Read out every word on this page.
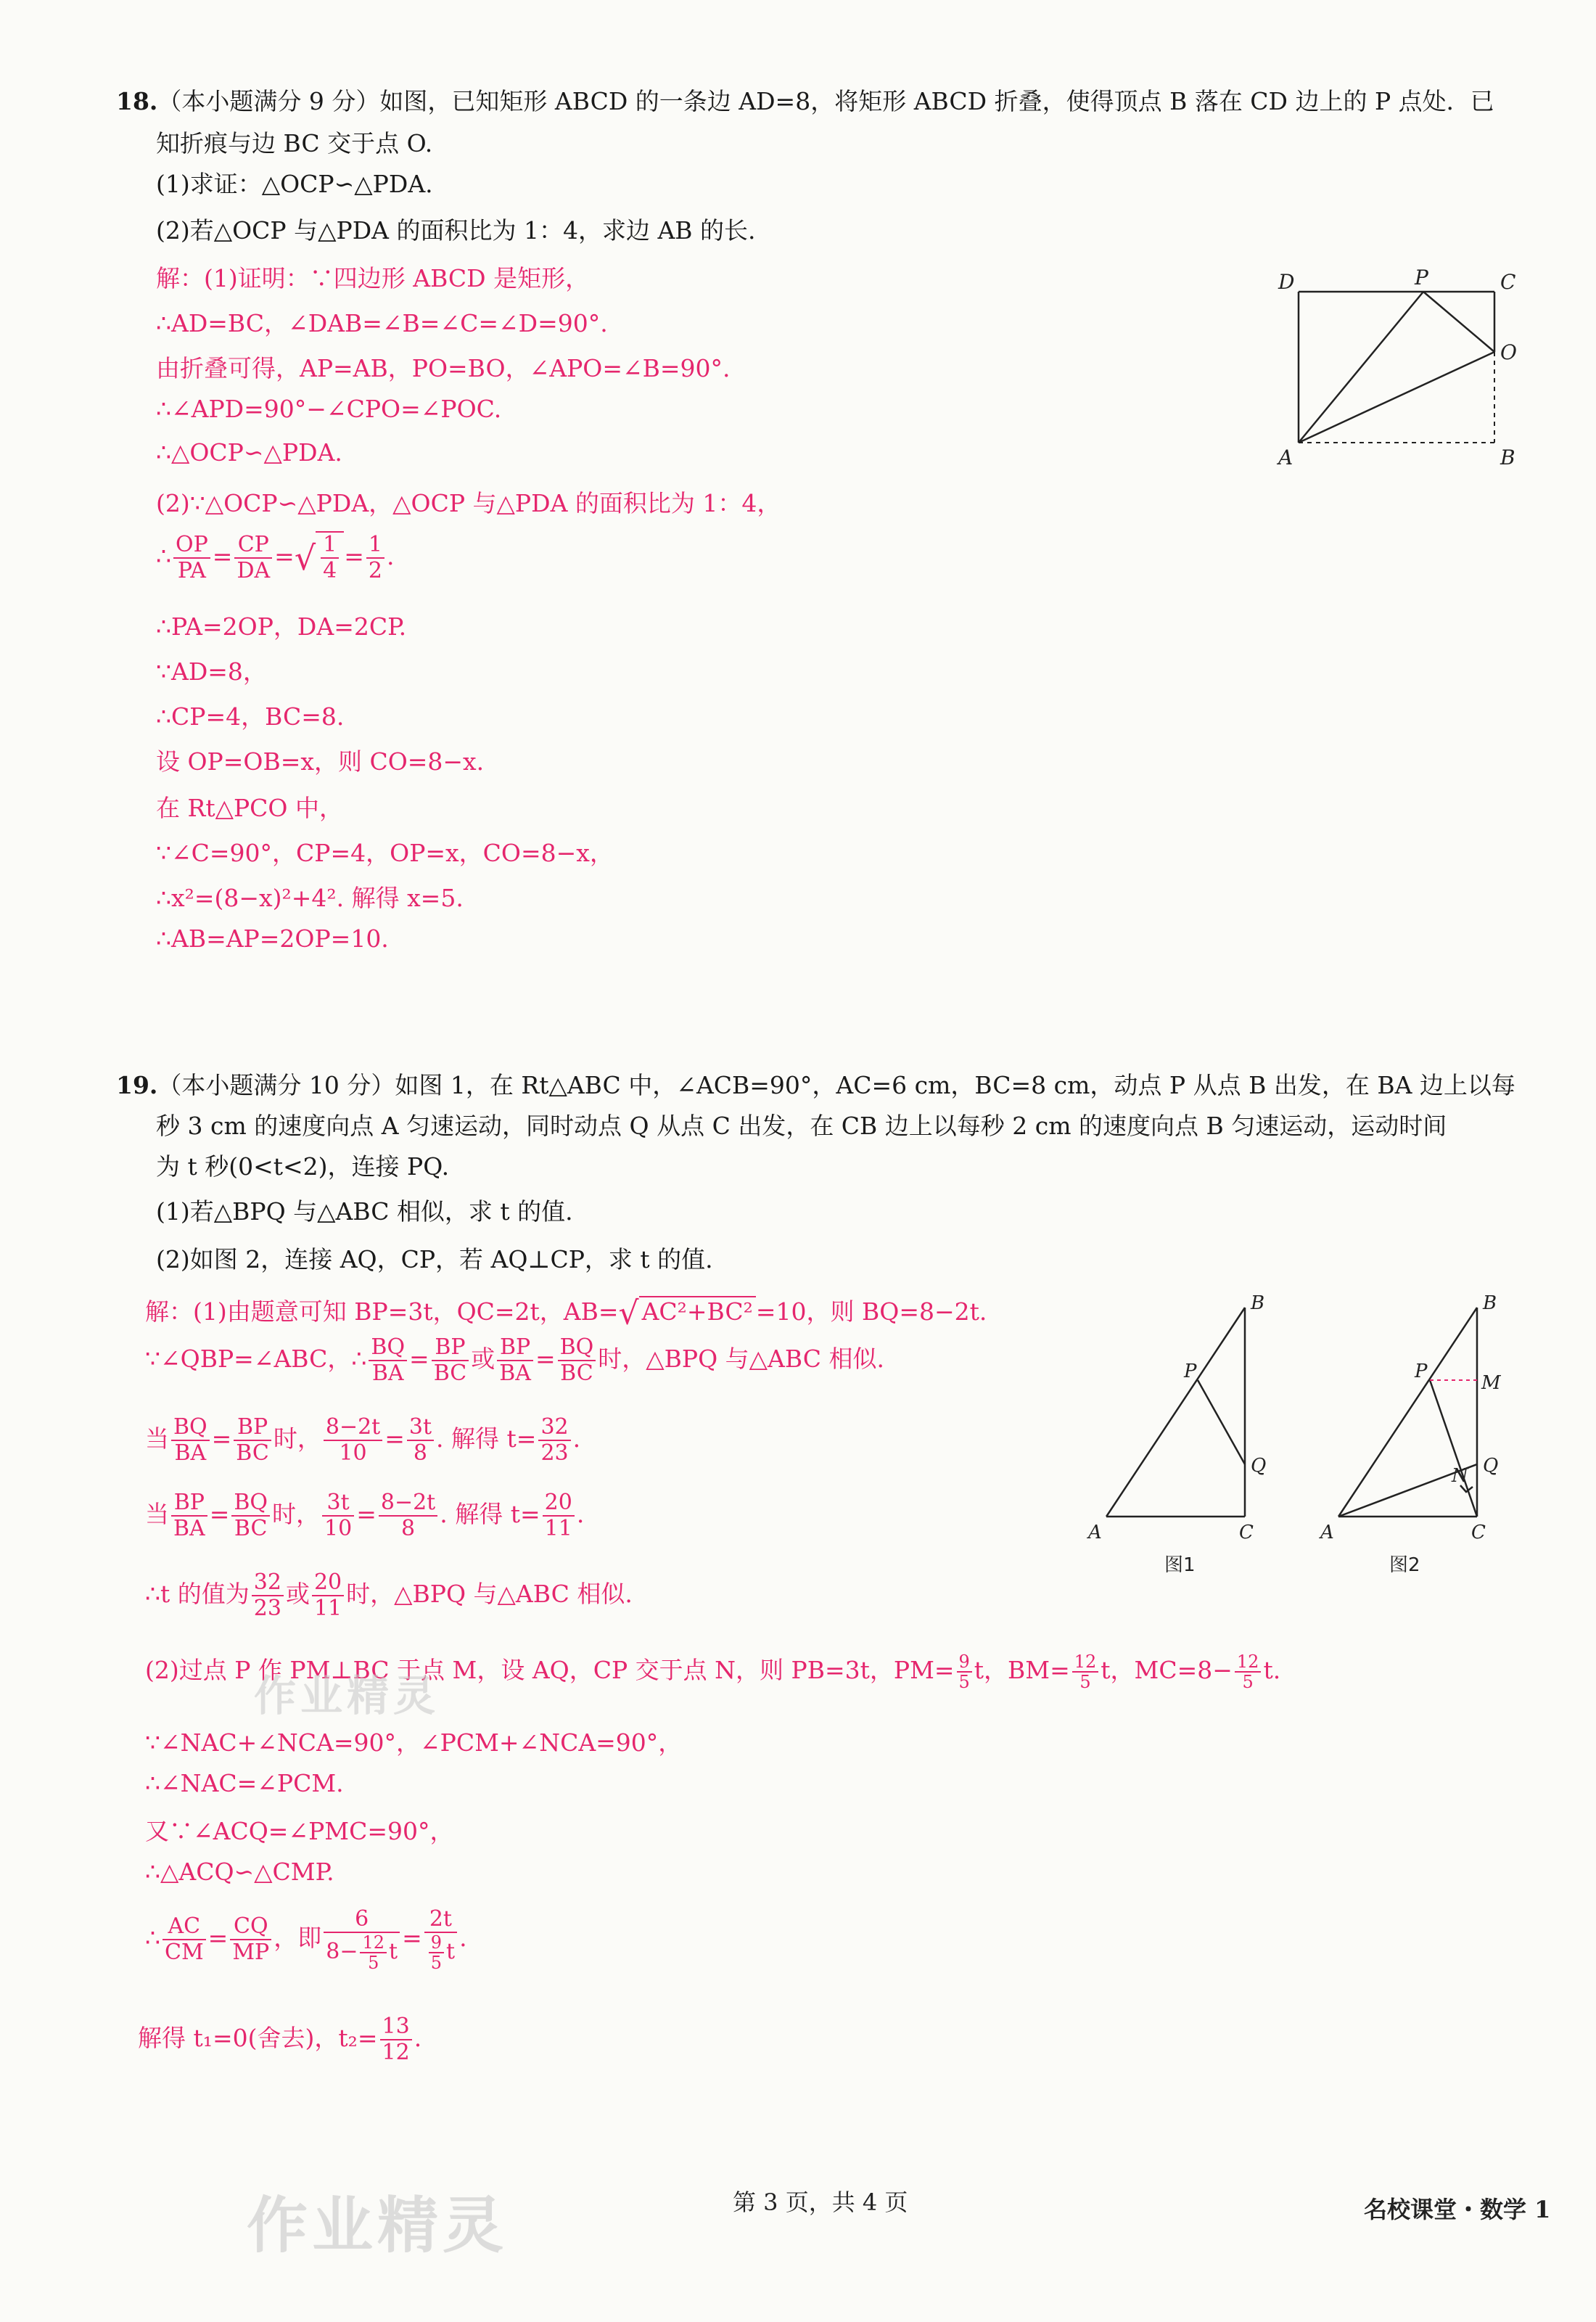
18.（本小题满分 9 分）如图，已知矩形 ABCD 的一条边 AD=8，将矩形 ABCD 折叠，使得顶点 B 落在 CD 边上的 P 点处．已
知折痕与边 BC 交于点 O.
(1)求证：△OCP∽△PDA.
(2)若△OCP 与△PDA 的面积比为 1：4，求边 AB 的长.
解：(1)证明：∵四边形 ABCD 是矩形，
∴AD=BC，∠DAB=∠B=∠C=∠D=90°.
由折叠可得，AP=AB，PO=BO，∠APO=∠B=90°.
∴∠APD=90°−∠CPO=∠POC.
∴△OCP∽△PDA.
(2)∵△OCP∽△PDA，△OCP 与△PDA 的面积比为 1：4，
∴ $\frac{OP}{PA} = \frac{CP}{DA}$ =√ $\frac{1}{4} = \frac{1}{2}$ .
∴PA=2OP，DA=2CP.
∵AD=8，
∴CP=4，BC=8.
设 OP=OB=x，则 CO=8−x.
在 Rt△PCO 中，
∵∠C=90°，CP=4，OP=x，CO=8−x，
∴x²=(8−x)²+4². 解得 x=5.
∴AB=AP=2OP=10.
D	P	C
O
A	B
19.（本小题满分 10 分）如图 1，在 Rt△ABC 中，∠ACB=90°，AC=6 cm，BC=8 cm，动点 P 从点 B 出发，在 BA 边上以每
秒 3 cm 的速度向点 A 匀速运动，同时动点 Q 从点 C 出发，在 CB 边上以每秒 2 cm 的速度向点 B 匀速运动，运动时间
为 t 秒(0<t<2)，连接 PQ.
(1)若△BPQ 与△ABC 相似，求 t 的值.
(2)如图 2，连接 AQ，CP，若 AQ⊥CP，求 t 的值.
解：(1)由题意可知 BP=3t，QC=2t，AB=√ AC²+BC² =10，则 BQ=8−2t.
∵∠QBP=∠ABC，∴ $\frac{BQ}{BA} = \frac{BP}{BC}$ 或 $\frac{BP}{BA} = \frac{BQ}{BC}$ 时，△BPQ 与△ABC 相似.
当 $\frac{BQ}{BA} = \frac{BP}{BC}$ 时， $\frac{8-2t}{10} = \frac{3t}{8}$ . 解得 $t= \frac{32}{23}$ .
当 $\frac{BP}{BA} = \frac{BQ}{BC}$ 时， $\frac{3t}{10} = \frac{8-2t}{8}$ . 解得 $t= \frac{20}{11}$ .
∴t 的值为 $\frac{32}{23}$ 或 $\frac{20}{11}$ 时，△BPQ 与△ABC 相似.
(2)过点 P 作 PM⊥BC 于点 M，设 AQ，CP 交于点 N，则 PB=3t，$PM= \frac{9}{5}$ t，$BM= \frac{12}{5}$ t，$MC=8- \frac{12}{5} t$.
∵∠NAC+∠NCA=90°，∠PCM+∠NCA=90°，
∴∠NAC=∠PCM.
又∵∠ACQ=∠PMC=90°，
∴△ACQ∽△CMP.
∴ $\frac{AC}{CM} = \frac{CQ}{MP}$ ，即 $\frac{6}{8- \frac{12}{5} t} = \frac{2t}{\frac{9}{5} t}$ .
解得 t₁=0(舍去)，$t_2= \frac{13}{12}$ .
B
P
Q
A	C
B
P
M
N Q
A	C
图1	图2
作业精灵
作业精灵	第 3 页，共 4 页	名校课堂・数学 1
